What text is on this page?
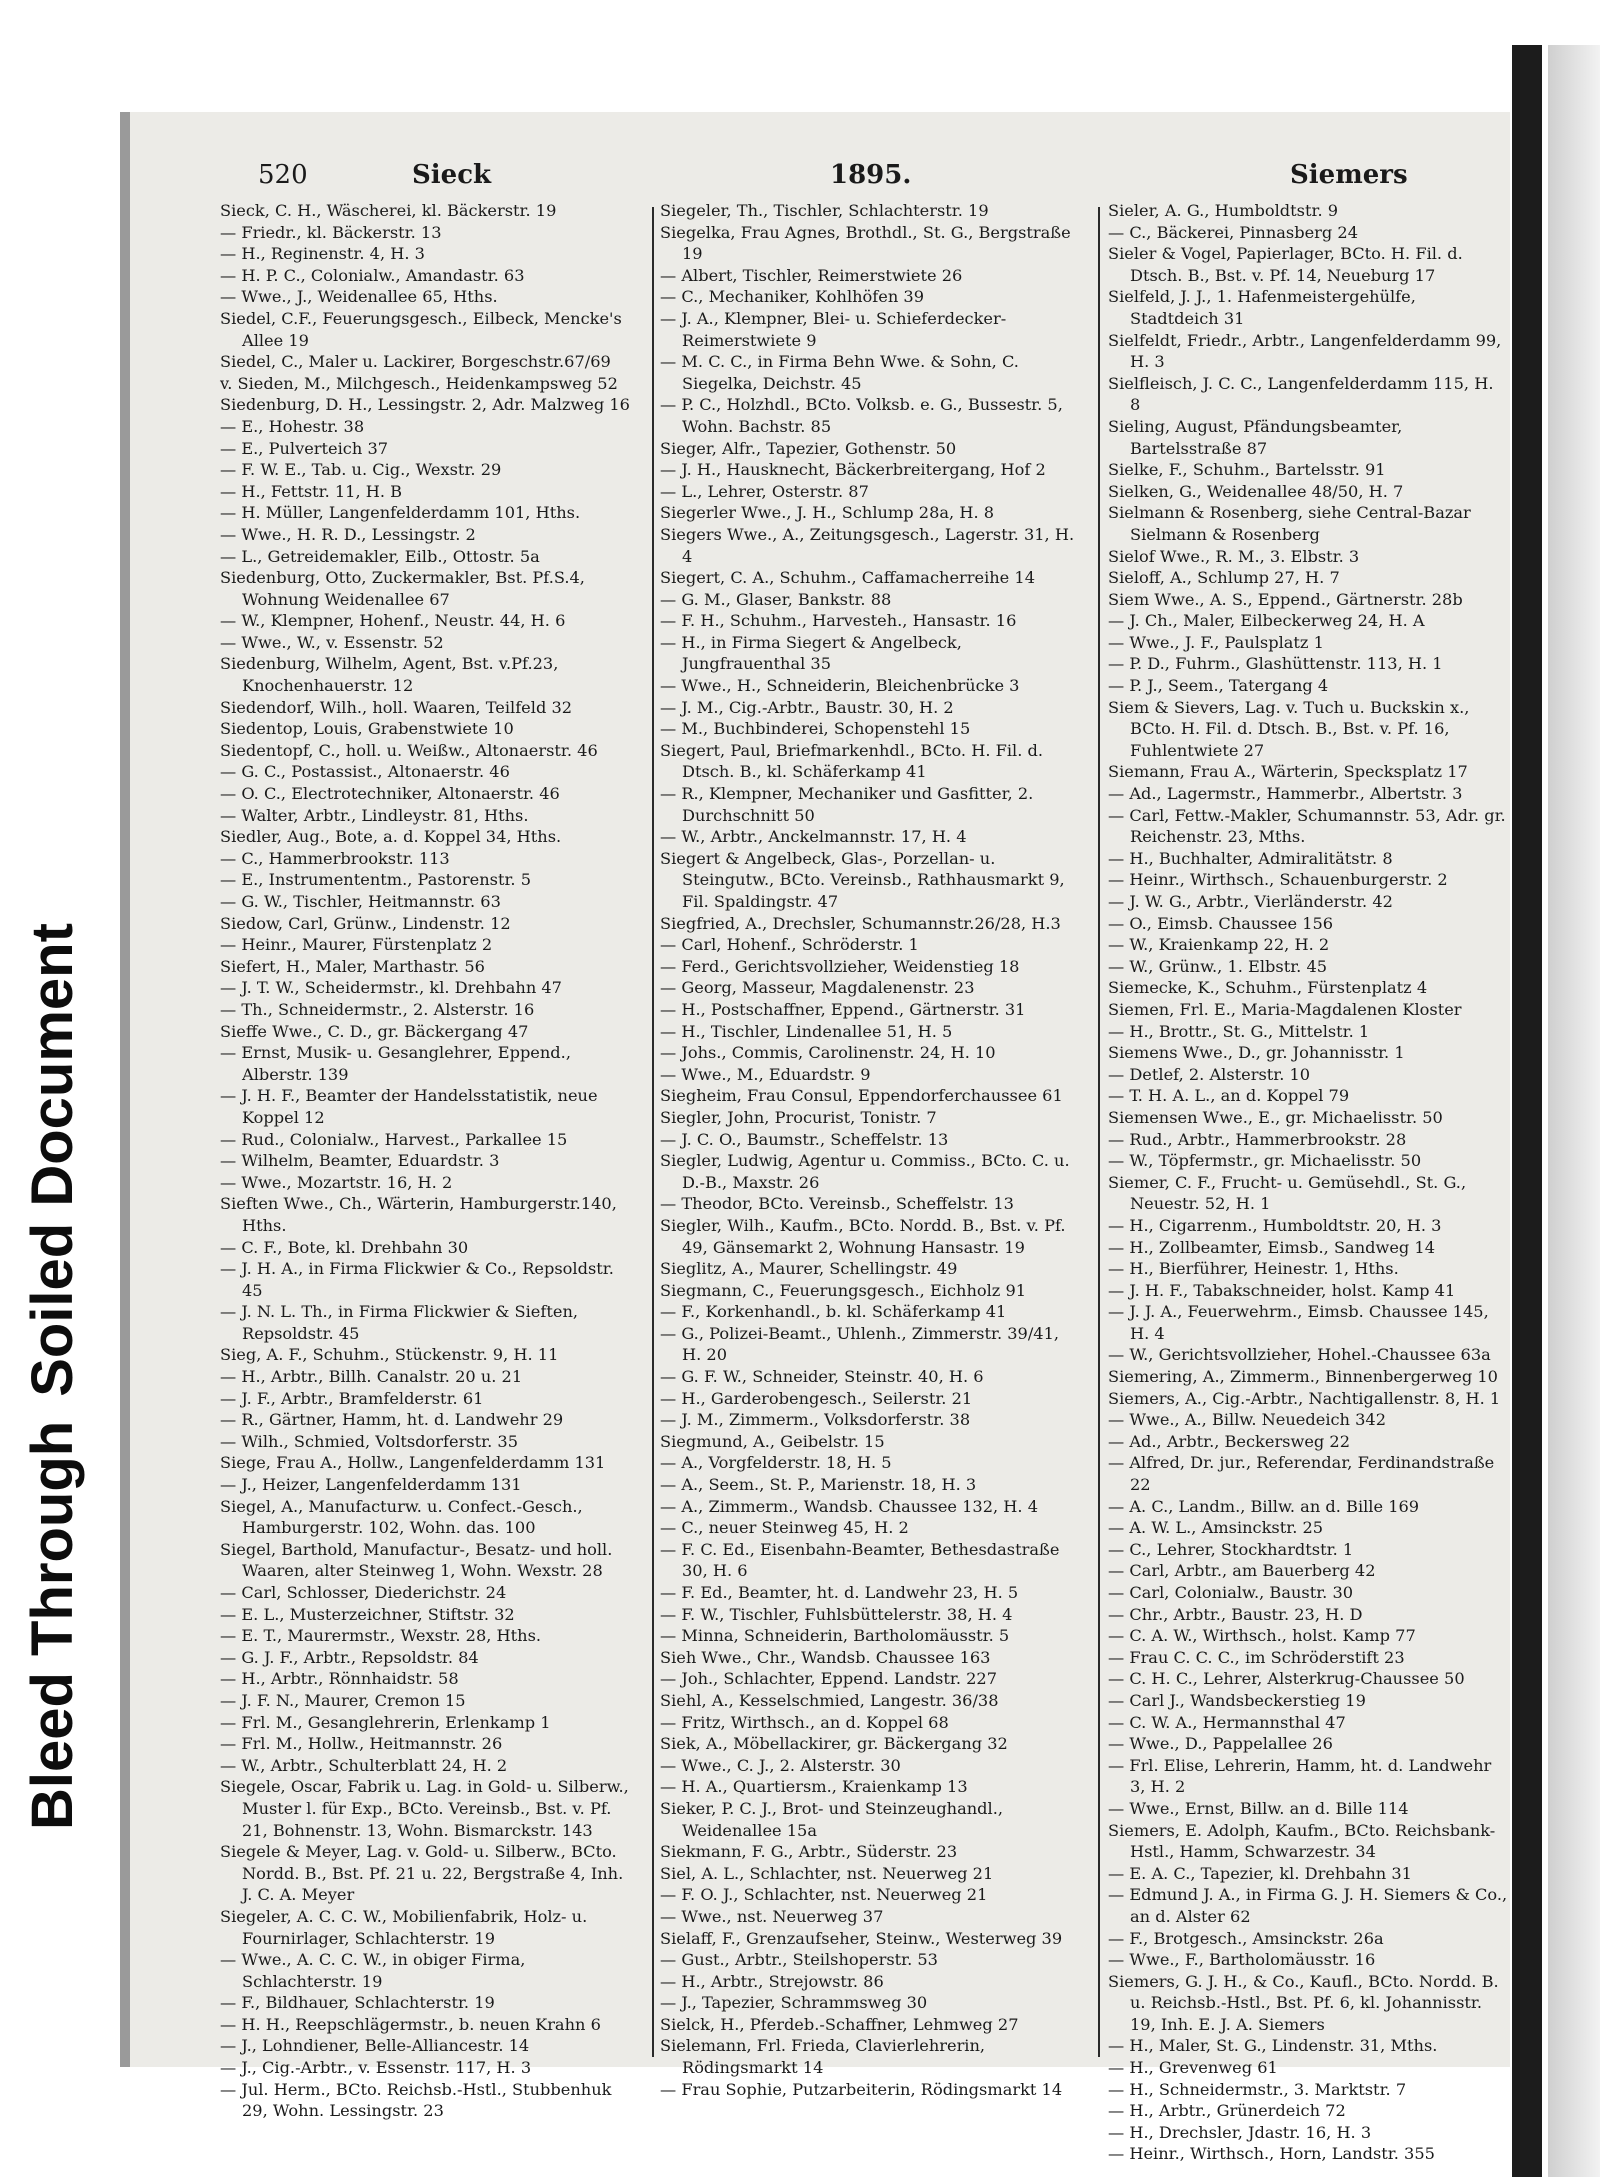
Bleed ThroughSoiled Document
520	Sieck	1895.	Siemers

Sieck, C. H., Wäscherei, kl. Bäckerstr. 19

— Friedr., kl. Bäckerstr. 13

— H., Reginenstr. 4, H. 3

— H. P. C., Colonialw., Amandastr. 63

— Wwe., J., Weidenallee 65, Hths.

Siedel, C.F., Feuerungsgesch., Eilbeck, Mencke's Allee 19

Siedel, C., Maler u. Lackirer, Borgeschstr.67/69

v. Sieden, M., Milchgesch., Heidenkampsweg 52

Siedenburg, D. H., Lessingstr. 2, Adr. Malzweg 16

— E., Hohestr. 38

— E., Pulverteich 37

— F. W. E., Tab. u. Cig., Wexstr. 29

— H., Fettstr. 11, H. B

— H. Müller, Langenfelderdamm 101, Hths.

— Wwe., H. R. D., Lessingstr. 2

— L., Getreidemakler, Eilb., Ottostr. 5a

Siedenburg, Otto, Zuckermakler, Bst. Pf.S.4, Wohnung Weidenallee 67

— W., Klempner, Hohenf., Neustr. 44, H. 6

— Wwe., W., v. Essenstr. 52

Siedenburg, Wilhelm, Agent, Bst. v.Pf.23, Knochenhauerstr. 12

Siedendorf, Wilh., holl. Waaren, Teilfeld 32

Siedentop, Louis, Grabenstwiete 10

Siedentopf, C., holl. u. Weißw., Altonaerstr. 46

— G. C., Postassist., Altonaerstr. 46

— O. C., Electrotechniker, Altonaerstr. 46

— Walter, Arbtr., Lindleystr. 81, Hths.

Siedler, Aug., Bote, a. d. Koppel 34, Hths.

— C., Hammerbrookstr. 113

— E., Instrumententm., Pastorenstr. 5

— G. W., Tischler, Heitmannstr. 63

Siedow, Carl, Grünw., Lindenstr. 12

— Heinr., Maurer, Fürstenplatz 2

Siefert, H., Maler, Marthastr. 56

— J. T. W., Scheidermstr., kl. Drehbahn 47

— Th., Schneidermstr., 2. Alsterstr. 16

Sieffe Wwe., C. D., gr. Bäckergang 47

— Ernst, Musik- u. Gesanglehrer, Eppend., Alberstr. 139

— J. H. F., Beamter der Handelsstatistik, neue Koppel 12

— Rud., Colonialw., Harvest., Parkallee 15

— Wilhelm, Beamter, Eduardstr. 3

— Wwe., Mozartstr. 16, H. 2

Sieften Wwe., Ch., Wärterin, Hamburgerstr.140, Hths.

— C. F., Bote, kl. Drehbahn 30

— J. H. A., in Firma Flickwier & Co., Repsoldstr. 45

— J. N. L. Th., in Firma Flickwier & Sieften, Repsoldstr. 45

Sieg, A. F., Schuhm., Stückenstr. 9, H. 11

— H., Arbtr., Billh. Canalstr. 20 u. 21

— J. F., Arbtr., Bramfelderstr. 61

— R., Gärtner, Hamm, ht. d. Landwehr 29

— Wilh., Schmied, Voltsdorferstr. 35

Siege, Frau A., Hollw., Langenfelderdamm 131

— J., Heizer, Langenfelderdamm 131

Siegel, A., Manufacturw. u. Confect.-Gesch., Hamburgerstr. 102, Wohn. das. 100

Siegel, Barthold, Manufactur-, Besatz- und holl. Waaren, alter Steinweg 1, Wohn. Wexstr. 28

— Carl, Schlosser, Diederichstr. 24

— E. L., Musterzeichner, Stiftstr. 32

— E. T., Maurermstr., Wexstr. 28, Hths.

— G. J. F., Arbtr., Repsoldstr. 84

— H., Arbtr., Rönnhaidstr. 58

— J. F. N., Maurer, Cremon 15

— Frl. M., Gesanglehrerin, Erlenkamp 1

— Frl. M., Hollw., Heitmannstr. 26

— W., Arbtr., Schulterblatt 24, H. 2

Siegele, Oscar, Fabrik u. Lag. in Gold- u. Silberw., Muster l. für Exp., BCto. Vereinsb., Bst. v. Pf. 21, Bohnenstr. 13, Wohn. Bismarckstr. 143

Siegele & Meyer, Lag. v. Gold- u. Silberw., BCto. Nordd. B., Bst. Pf. 21 u. 22, Bergstraße 4, Inh. J. C. A. Meyer

Siegeler, A. C. C. W., Mobilienfabrik, Holz- u. Fournirlager, Schlachterstr. 19

— Wwe., A. C. C. W., in obiger Firma, Schlachterstr. 19

— F., Bildhauer, Schlachterstr. 19

— H. H., Reepschlägermstr., b. neuen Krahn 6

— J., Lohndiener, Belle-Alliancestr. 14

— J., Cig.-Arbtr., v. Essenstr. 117, H. 3

— Jul. Herm., BCto. Reichsb.-Hstl., Stubbenhuk 29, Wohn. Lessingstr. 23

Siegeler, Th., Tischler, Schlachterstr. 19

Siegelka, Frau Agnes, Brothdl., St. G., Bergstraße 19

— Albert, Tischler, Reimerstwiete 26

— C., Mechaniker, Kohlhöfen 39

— J. A., Klempner, Blei- u. Schieferdecker-Reimerstwiete 9

— M. C. C., in Firma Behn Wwe. & Sohn, C. Siegelka, Deichstr. 45

— P. C., Holzhdl., BCto. Volksb. e. G., Bussestr. 5, Wohn. Bachstr. 85

Sieger, Alfr., Tapezier, Gothenstr. 50

— J. H., Hausknecht, Bäckerbreitergang, Hof 2

— L., Lehrer, Osterstr. 87

Siegerler Wwe., J. H., Schlump 28a, H. 8

Siegers Wwe., A., Zeitungsgesch., Lagerstr. 31, H. 4

Siegert, C. A., Schuhm., Caffamacherreihe 14

— G. M., Glaser, Bankstr. 88

— F. H., Schuhm., Harvesteh., Hansastr. 16

— H., in Firma Siegert & Angelbeck, Jungfrauenthal 35

— Wwe., H., Schneiderin, Bleichenbrücke 3

— J. M., Cig.-Arbtr., Baustr. 30, H. 2

— M., Buchbinderei, Schopenstehl 15

Siegert, Paul, Briefmarkenhdl., BCto. H. Fil. d. Dtsch. B., kl. Schäferkamp 41

— R., Klempner, Mechaniker und Gasfitter, 2. Durchschnitt 50

— W., Arbtr., Anckelmannstr. 17, H. 4

Siegert & Angelbeck, Glas-, Porzellan- u. Steingutw., BCto. Vereinsb., Rathhausmarkt 9, Fil. Spaldingstr. 47

Siegfried, A., Drechsler, Schumannstr.26/28, H.3

— Carl, Hohenf., Schröderstr. 1

— Ferd., Gerichtsvollzieher, Weidenstieg 18

— Georg, Masseur, Magdalenenstr. 23

— H., Postschaffner, Eppend., Gärtnerstr. 31

— H., Tischler, Lindenallee 51, H. 5

— Johs., Commis, Carolinenstr. 24, H. 10

— Wwe., M., Eduardstr. 9

Siegheim, Frau Consul, Eppendorferchaussee 61

Siegler, John, Procurist, Tonistr. 7

— J. C. O., Baumstr., Scheffelstr. 13

Siegler, Ludwig, Agentur u. Commiss., BCto. C. u. D.-B., Maxstr. 26

— Theodor, BCto. Vereinsb., Scheffelstr. 13

Siegler, Wilh., Kaufm., BCto. Nordd. B., Bst. v. Pf. 49, Gänsemarkt 2, Wohnung Hansastr. 19

Sieglitz, A., Maurer, Schellingstr. 49

Siegmann, C., Feuerungsgesch., Eichholz 91

— F., Korkenhandl., b. kl. Schäferkamp 41

— G., Polizei-Beamt., Uhlenh., Zimmerstr. 39/41, H. 20

— G. F. W., Schneider, Steinstr. 40, H. 6

— H., Garderobengesch., Seilerstr. 21

— J. M., Zimmerm., Volksdorferstr. 38

Siegmund, A., Geibelstr. 15

— A., Vorgfelderstr. 18, H. 5

— A., Seem., St. P., Marienstr. 18, H. 3

— A., Zimmerm., Wandsb. Chaussee 132, H. 4

— C., neuer Steinweg 45, H. 2

— F. C. Ed., Eisenbahn-Beamter, Bethesdastraße 30, H. 6

— F. Ed., Beamter, ht. d. Landwehr 23, H. 5

— F. W., Tischler, Fuhlsbüttelerstr. 38, H. 4

— Minna, Schneiderin, Bartholomäusstr. 5

Sieh Wwe., Chr., Wandsb. Chaussee 163

— Joh., Schlachter, Eppend. Landstr. 227

Siehl, A., Kesselschmied, Langestr. 36/38

— Fritz, Wirthsch., an d. Koppel 68

Siek, A., Möbellackirer, gr. Bäckergang 32

— Wwe., C. J., 2. Alsterstr. 30

— H. A., Quartiersm., Kraienkamp 13

Sieker, P. C. J., Brot- und Steinzeughandl., Weidenallee 15a

Siekmann, F. G., Arbtr., Süderstr. 23

Siel, A. L., Schlachter, nst. Neuerweg 21

— F. O. J., Schlachter, nst. Neuerweg 21

— Wwe., nst. Neuerweg 37

Sielaff, F., Grenzaufseher, Steinw., Westerweg 39

— Gust., Arbtr., Steilshoperstr. 53

— H., Arbtr., Strejowstr. 86

— J., Tapezier, Schrammsweg 30

Sielck, H., Pferdeb.-Schaffner, Lehmweg 27

Sielemann, Frl. Frieda, Clavierlehrerin, Rödingsmarkt 14

— Frau Sophie, Putzarbeiterin, Rödingsmarkt 14

Sieler, A. G., Humboldtstr. 9

— C., Bäckerei, Pinnasberg 24

Sieler & Vogel, Papierlager, BCto. H. Fil. d. Dtsch. B., Bst. v. Pf. 14, Neueburg 17

Sielfeld, J. J., 1. Hafenmeistergehülfe, Stadtdeich 31

Sielfeldt, Friedr., Arbtr., Langenfelderdamm 99, H. 3

Sielfleisch, J. C. C., Langenfelderdamm 115, H. 8

Sieling, August, Pfändungsbeamter, Bartelsstraße 87

Sielke, F., Schuhm., Bartelsstr. 91

Sielken, G., Weidenallee 48/50, H. 7

Sielmann & Rosenberg, siehe Central-Bazar Sielmann & Rosenberg

Sielof Wwe., R. M., 3. Elbstr. 3

Sieloff, A., Schlump 27, H. 7

Siem Wwe., A. S., Eppend., Gärtnerstr. 28b

— J. Ch., Maler, Eilbeckerweg 24, H. A

— Wwe., J. F., Paulsplatz 1

— P. D., Fuhrm., Glashüttenstr. 113, H. 1

— P. J., Seem., Tatergang 4

Siem & Sievers, Lag. v. Tuch u. Buckskin x., BCto. H. Fil. d. Dtsch. B., Bst. v. Pf. 16, Fuhlentwiete 27

Siemann, Frau A., Wärterin, Specksplatz 17

— Ad., Lagermstr., Hammerbr., Albertstr. 3

— Carl, Fettw.-Makler, Schumannstr. 53, Adr. gr. Reichenstr. 23, Mths.

— H., Buchhalter, Admiralitätstr. 8

— Heinr., Wirthsch., Schauenburgerstr. 2

— J. W. G., Arbtr., Vierländerstr. 42

— O., Eimsb. Chaussee 156

— W., Kraienkamp 22, H. 2

— W., Grünw., 1. Elbstr. 45

Siemecke, K., Schuhm., Fürstenplatz 4

Siemen, Frl. E., Maria-Magdalenen Kloster

— H., Brottr., St. G., Mittelstr. 1

Siemens Wwe., D., gr. Johannisstr. 1

— Detlef, 2. Alsterstr. 10

— T. H. A. L., an d. Koppel 79

Siemensen Wwe., E., gr. Michaelisstr. 50

— Rud., Arbtr., Hammerbrookstr. 28

— W., Töpfermstr., gr. Michaelisstr. 50

Siemer, C. F., Frucht- u. Gemüsehdl., St. G., Neuestr. 52, H. 1

— H., Cigarrenm., Humboldtstr. 20, H. 3

— H., Zollbeamter, Eimsb., Sandweg 14

— H., Bierführer, Heinestr. 1, Hths.

— J. H. F., Tabakschneider, holst. Kamp 41

— J. J. A., Feuerwehrm., Eimsb. Chaussee 145, H. 4

— W., Gerichtsvollzieher, Hohel.-Chaussee 63a

Siemering, A., Zimmerm., Binnenbergerweg 10

Siemers, A., Cig.-Arbtr., Nachtigallenstr. 8, H. 1

— Wwe., A., Billw. Neuedeich 342

— Ad., Arbtr., Beckersweg 22

— Alfred, Dr. jur., Referendar, Ferdinandstraße 22

— A. C., Landm., Billw. an d. Bille 169

— A. W. L., Amsinckstr. 25

— C., Lehrer, Stockhardtstr. 1

— Carl, Arbtr., am Bauerberg 42

— Carl, Colonialw., Baustr. 30

— Chr., Arbtr., Baustr. 23, H. D

— C. A. W., Wirthsch., holst. Kamp 77

— Frau C. C. C., im Schröderstift 23

— C. H. C., Lehrer, Alsterkrug-Chaussee 50

— Carl J., Wandsbeckerstieg 19

— C. W. A., Hermannsthal 47

— Wwe., D., Pappelallee 26

— Frl. Elise, Lehrerin, Hamm, ht. d. Landwehr 3, H. 2

— Wwe., Ernst, Billw. an d. Bille 114

Siemers, E. Adolph, Kaufm., BCto. Reichsbank-Hstl., Hamm, Schwarzestr. 34

— E. A. C., Tapezier, kl. Drehbahn 31

— Edmund J. A., in Firma G. J. H. Siemers & Co., an d. Alster 62

— F., Brotgesch., Amsinckstr. 26a

— Wwe., F., Bartholomäusstr. 16

Siemers, G. J. H., & Co., Kaufl., BCto. Nordd. B. u. Reichsb.-Hstl., Bst. Pf. 6, kl. Johannisstr. 19, Inh. E. J. A. Siemers

— H., Maler, St. G., Lindenstr. 31, Mths.

— H., Grevenweg 61

— H., Schneidermstr., 3. Marktstr. 7

— H., Arbtr., Grünerdeich 72

— H., Drechsler, Jdastr. 16, H. 3

— Heinr., Wirthsch., Horn, Landstr. 355
